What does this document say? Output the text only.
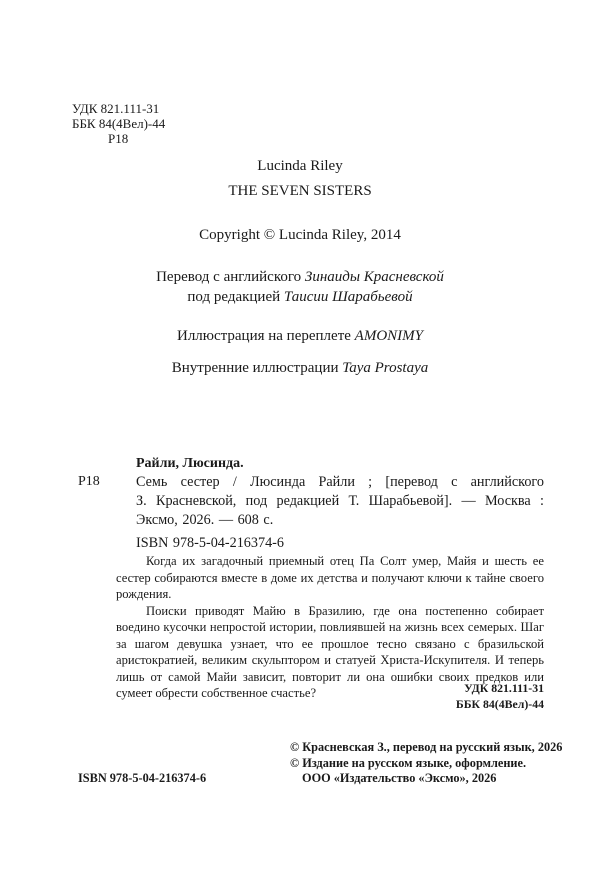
УДК 821.111-31
ББК 84(4Вел)-44
Р18
Lucinda Riley
THE SEVEN SISTERS
Copyright © Lucinda Riley, 2014
Перевод с английского Зинаиды Красневской
под редакцией Таисии Шарабьевой
Иллюстрация на переплете AMONIMY
Внутренние иллюстрации Taya Prostaya
Райли, Люсинда.
Р18	Семь сестер / Люсинда Райли ; [перевод с английского
З. Красневской, под редакцией Т. Шарабьевой]. — Москва :
Эксмо, 2026. — 608 с.
ISBN 978-5-04-216374-6

Когда их загадочный приемный отец Па Солт умер, Майя и шесть ее сестер собираются вместе в доме их детства и получают ключи к тайне своего рождения.

Поиски приводят Майю в Бразилию, где она постепенно собирает воедино кусочки непростой истории, повлиявшей на жизнь всех семерых. Шаг за шагом девушка узнает, что ее прошлое тесно связано с бразильской аристократией, великим скульптором и статуей Христа-Искупителя. И теперь лишь от самой Майи зависит, повторит ли она ошибки своих предков или сумеет обрести собственное счастье?	УДК 821.111-31
ББК 84(4Вел)-44
ISBN 978-5-04-216374-6
© Красневская З., перевод на русский язык, 2026
© Издание на русском языке, оформление.
ООО «Издательство «Эксмо», 2026
